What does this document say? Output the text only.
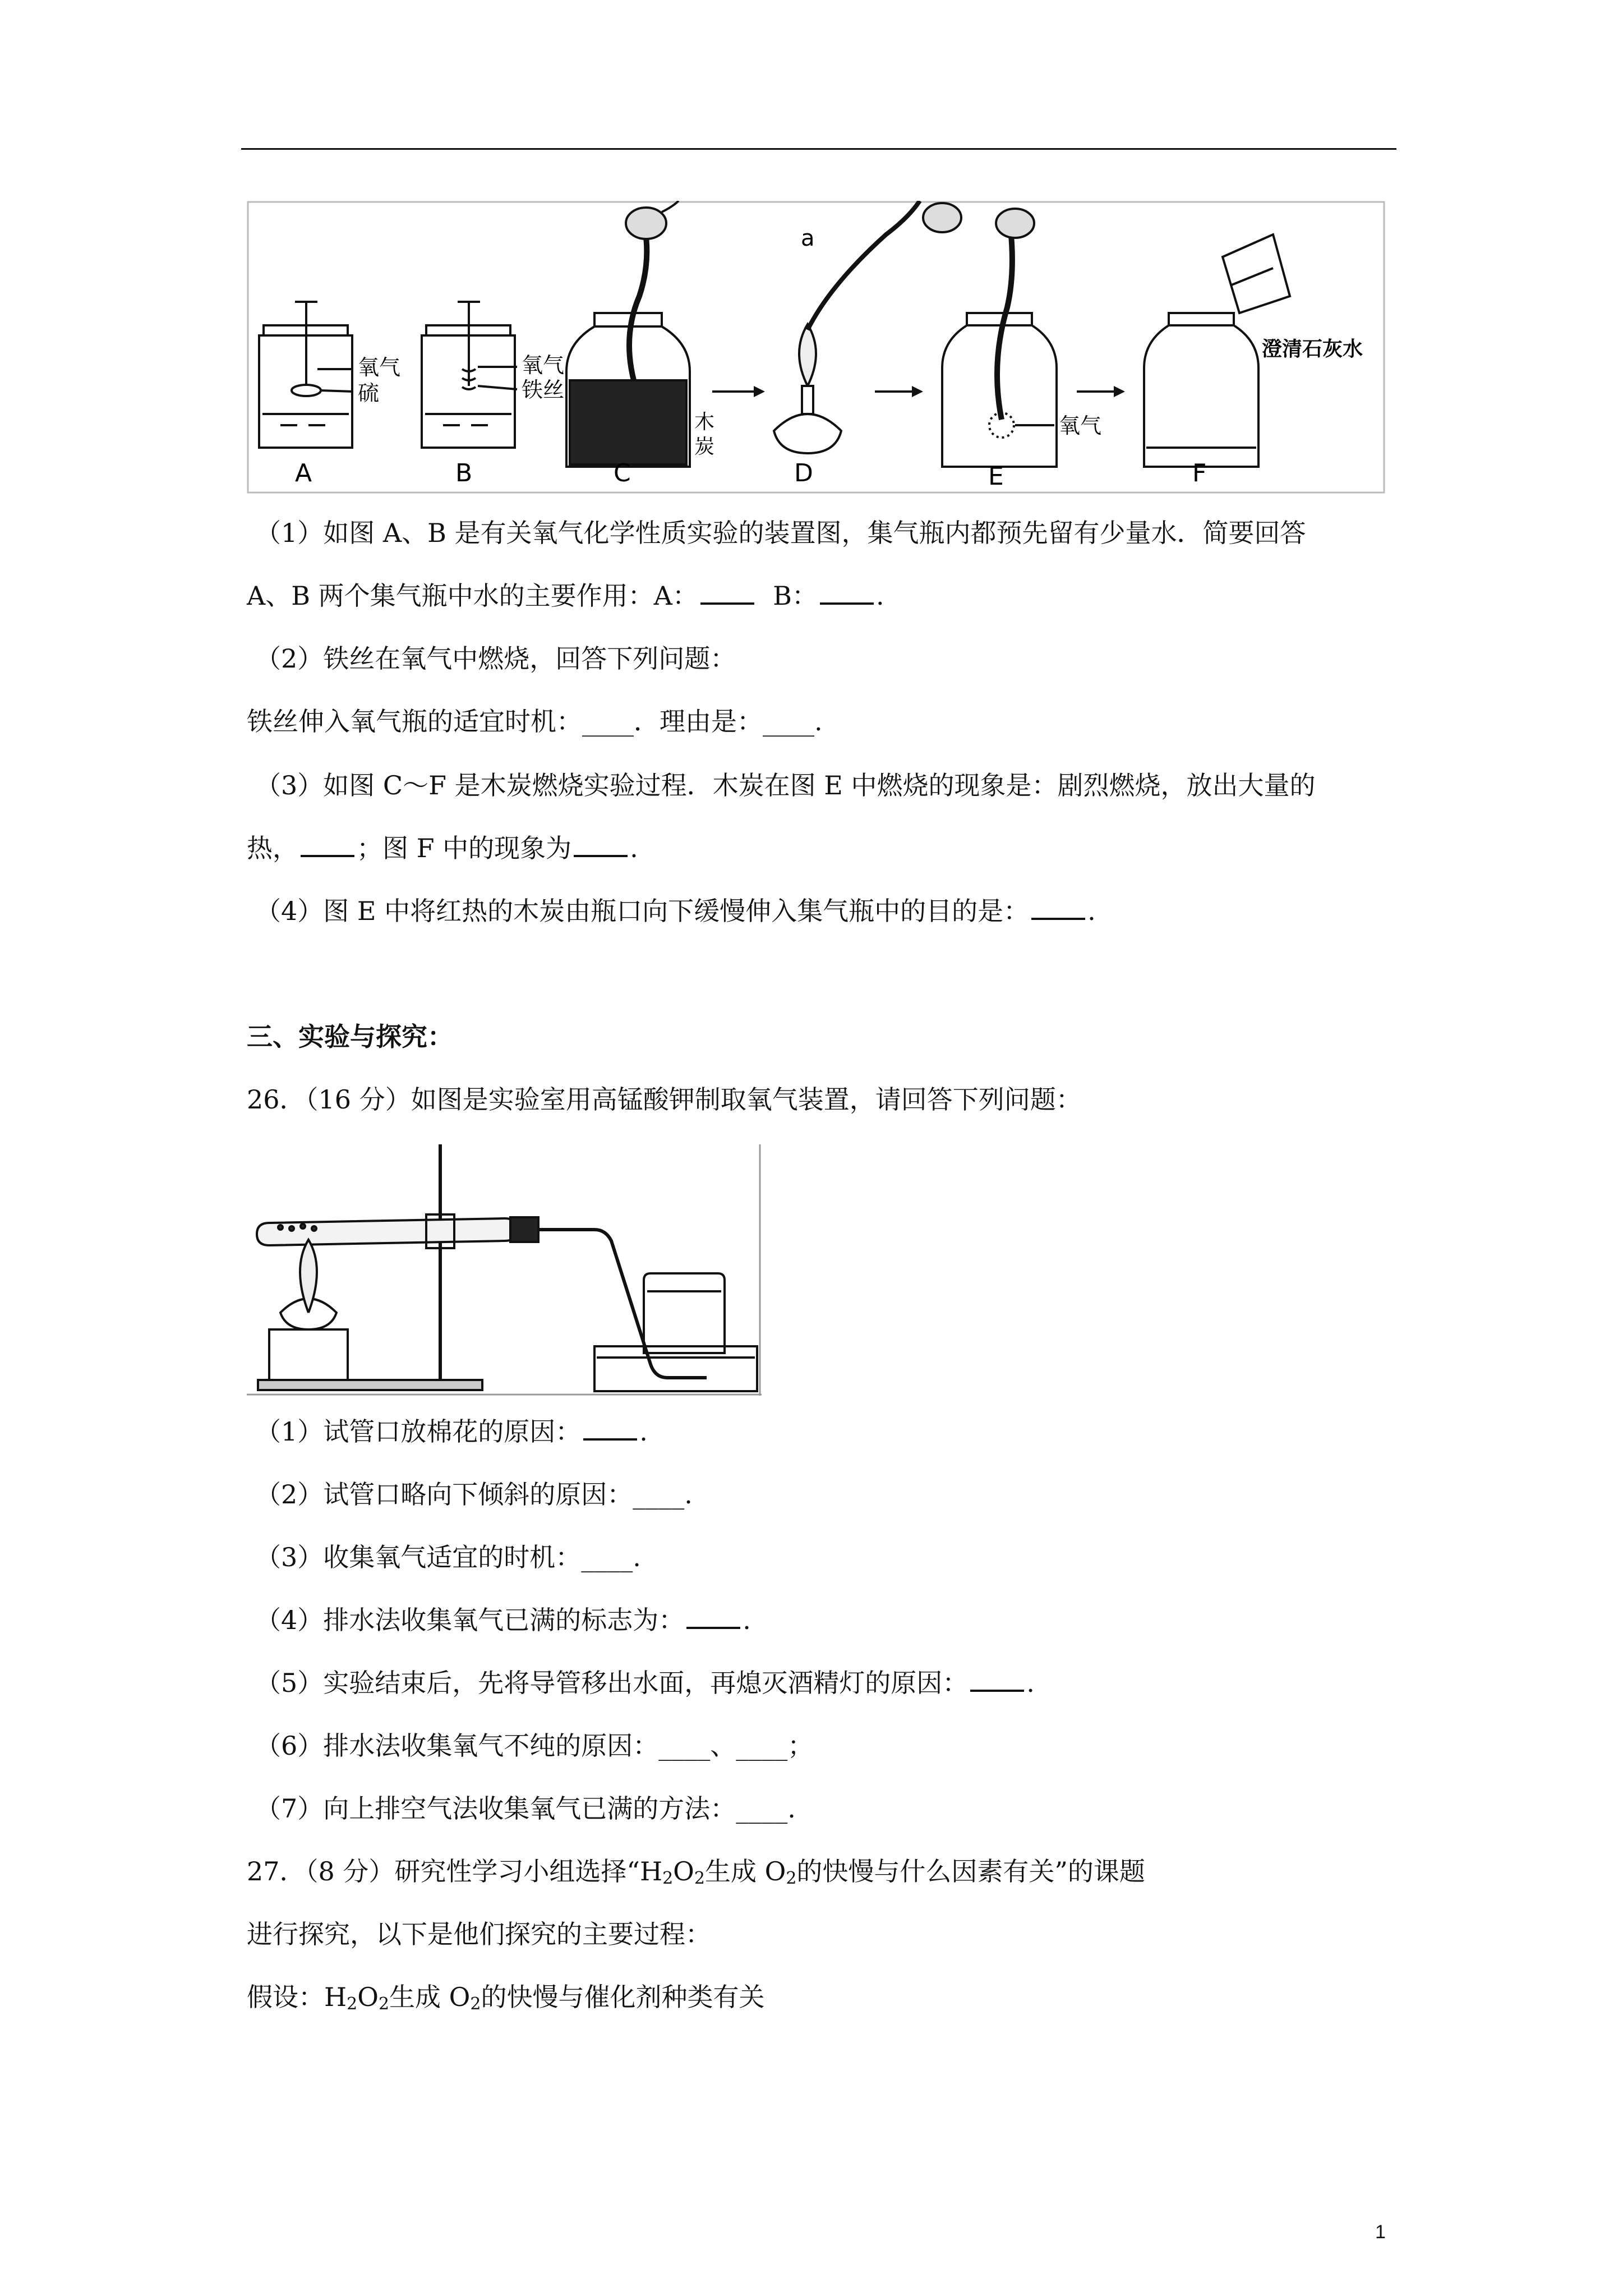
氧气
硫
A
氧气
铁丝
B
木
炭
C
a
D
氧气
E
澄清石灰水
F
（1）如图 A、B 是有关氧气化学性质实验的装置图，集气瓶内都预先留有少量水．简要回答
A、B 两个集气瓶中水的主要作用：A：	B： .
（2）铁丝在氧气中燃烧，回答下列问题：
铁丝伸入氧气瓶的适宜时机：____．理由是：____.
（3）如图 C～F 是木炭燃烧实验过程．木炭在图 E 中燃烧的现象是：剧烈燃烧，放出大量的
热， ；图 F 中的现象为 .
（4）图 E 中将红热的木炭由瓶口向下缓慢伸入集气瓶中的目的是： .
三、实验与探究：
26．（16 分）如图是实验室用高锰酸钾制取氧气装置，请回答下列问题：
（1）试管口放棉花的原因： .
（2）试管口略向下倾斜的原因：____.
（3）收集氧气适宜的时机：____.
（4）排水法收集氧气已满的标志为： .
（5）实验结束后，先将导管移出水面，再熄灭酒精灯的原因： .
（6）排水法收集氧气不纯的原因：____、____；
（7）向上排空气法收集氧气已满的方法：____.
27．（8 分）研究性学习小组选择“$H_2O_2$生成 $O_2$的快慢与什么因素有关”的课题
进行探究，以下是他们探究的主要过程：
假设：$H_2O_2$生成 $O_2$的快慢与催化剂种类有关
1
